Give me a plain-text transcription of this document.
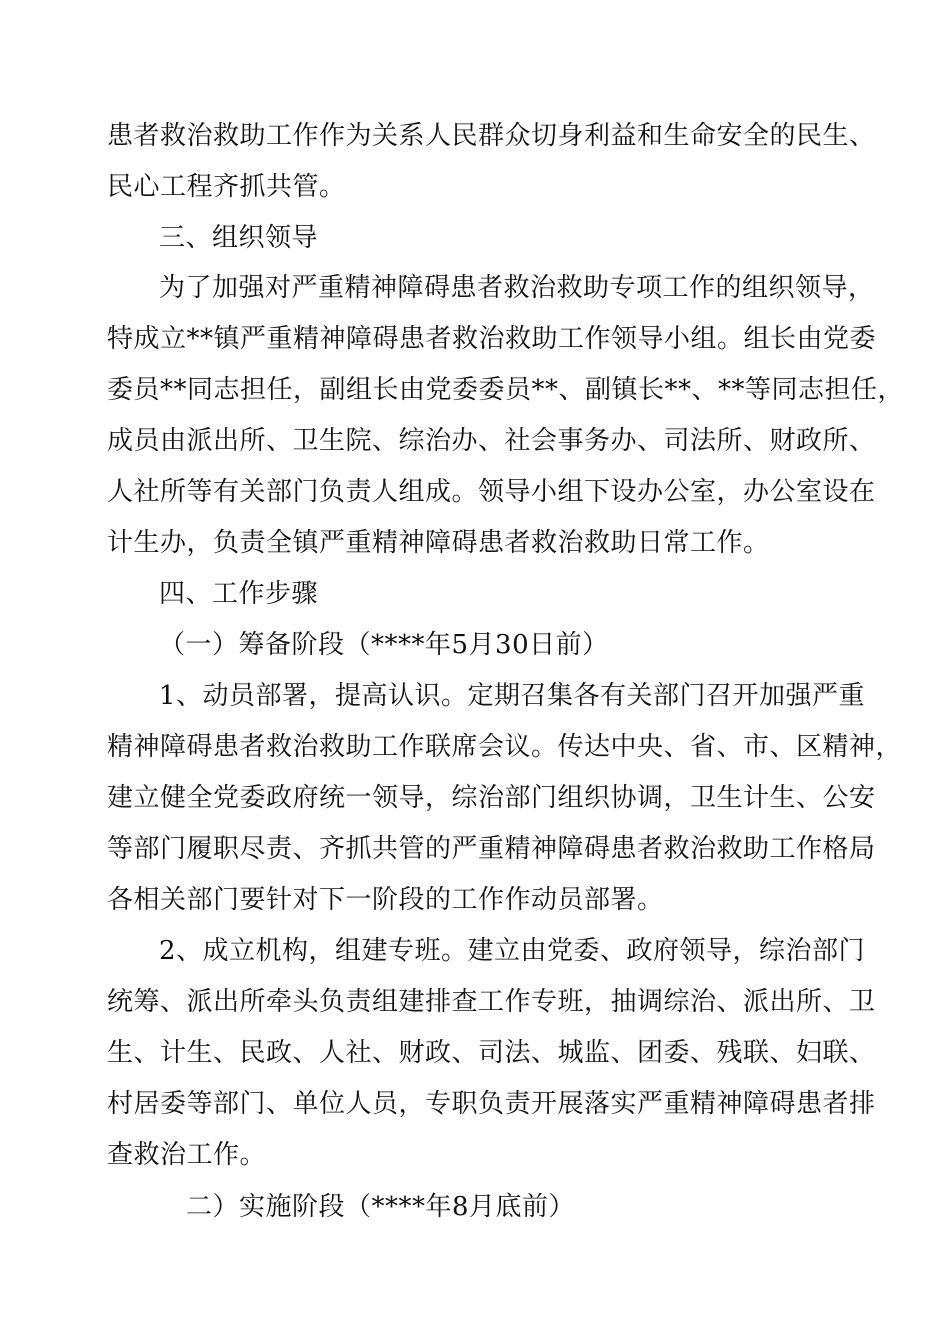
患者救治救助工作作为关系人民群众切身利益和生命安全的民生、
民心工程齐抓共管。
三、组织领导
为了加强对严重精神障碍患者救治救助专项工作的组织领导，
特成立**镇严重精神障碍患者救治救助工作领导小组。组长由党委
委员**同志担任，副组长由党委委员**、副镇长**、**等同志担任，
成员由派出所、卫生院、综治办、社会事务办、司法所、财政所、
人社所等有关部门负责人组成。领导小组下设办公室，办公室设在
计生办，负责全镇严重精神障碍患者救治救助日常工作。
四、工作步骤
（一）筹备阶段（****年5月30日前）
1、动员部署，提高认识。定期召集各有关部门召开加强严重
精神障碍患者救治救助工作联席会议。传达中央、省、市、区精神，
建立健全党委政府统一领导，综治部门组织协调，卫生计生、公安
等部门履职尽责、齐抓共管的严重精神障碍患者救治救助工作格局
各相关部门要针对下一阶段的工作作动员部署。
2、成立机构，组建专班。建立由党委、政府领导，综治部门
统筹、派出所牵头负责组建排查工作专班，抽调综治、派出所、卫
生、计生、民政、人社、财政、司法、城监、团委、残联、妇联、
村居委等部门、单位人员，专职负责开展落实严重精神障碍患者排
查救治工作。
二）实施阶段（****年8月底前）
